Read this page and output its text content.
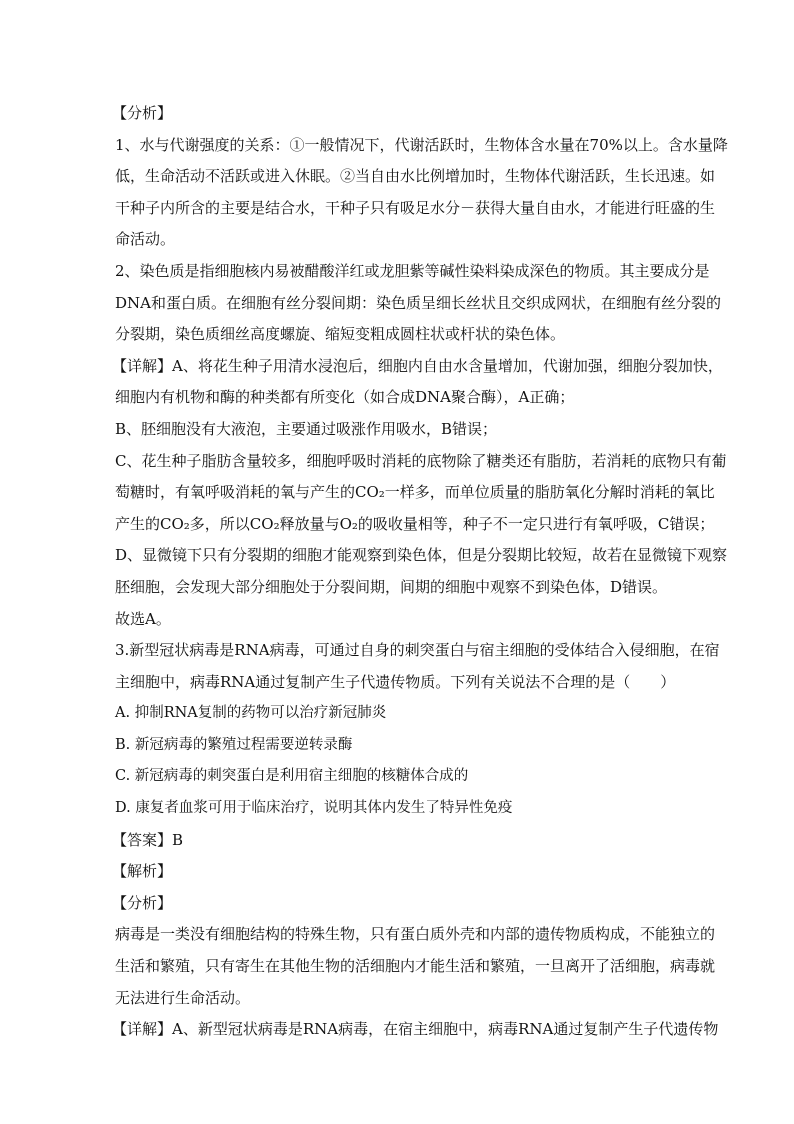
【分析】
1、水与代谢强度的关系：①一般情况下，代谢活跃时，生物体含水量在70%以上。含水量降
低，生命活动不活跃或进入休眠。②当自由水比例增加时，生物体代谢活跃，生长迅速。如
干种子内所含的主要是结合水，干种子只有吸足水分－获得大量自由水，才能进行旺盛的生
命活动。
2、染色质是指细胞核内易被醋酸洋红或龙胆紫等碱性染料染成深色的物质。其主要成分是
DNA和蛋白质。在细胞有丝分裂间期：染色质呈细长丝状且交织成网状，在细胞有丝分裂的
分裂期，染色质细丝高度螺旋、缩短变粗成圆柱状或杆状的染色体。
【详解】A、将花生种子用清水浸泡后，细胞内自由水含量增加，代谢加强，细胞分裂加快，
细胞内有机物和酶的种类都有所变化（如合成DNA聚合酶），A正确；
B、胚细胞没有大液泡，主要通过吸涨作用吸水，B错误；
C、花生种子脂肪含量较多，细胞呼吸时消耗的底物除了糖类还有脂肪，若消耗的底物只有葡
萄糖时，有氧呼吸消耗的氧与产生的CO₂一样多，而单位质量的脂肪氧化分解时消耗的氧比
产生的CO₂多，所以CO₂释放量与O₂的吸收量相等，种子不一定只进行有氧呼吸，C错误；
D、显微镜下只有分裂期的细胞才能观察到染色体，但是分裂期比较短，故若在显微镜下观察
胚细胞，会发现大部分细胞处于分裂间期，间期的细胞中观察不到染色体，D错误。
故选A。
3.新型冠状病毒是RNA病毒，可通过自身的刺突蛋白与宿主细胞的受体结合入侵细胞，在宿
主细胞中，病毒RNA通过复制产生子代遗传物质。下列有关说法不合理的是（　　）
A. 抑制RNA复制的药物可以治疗新冠肺炎
B. 新冠病毒的繁殖过程需要逆转录酶
C. 新冠病毒的刺突蛋白是利用宿主细胞的核糖体合成的
D. 康复者血浆可用于临床治疗，说明其体内发生了特异性免疫
【答案】B
【解析】
【分析】
病毒是一类没有细胞结构的特殊生物，只有蛋白质外壳和内部的遗传物质构成，不能独立的
生活和繁殖，只有寄生在其他生物的活细胞内才能生活和繁殖，一旦离开了活细胞，病毒就
无法进行生命活动。
【详解】A、新型冠状病毒是RNA病毒，在宿主细胞中，病毒RNA通过复制产生子代遗传物
